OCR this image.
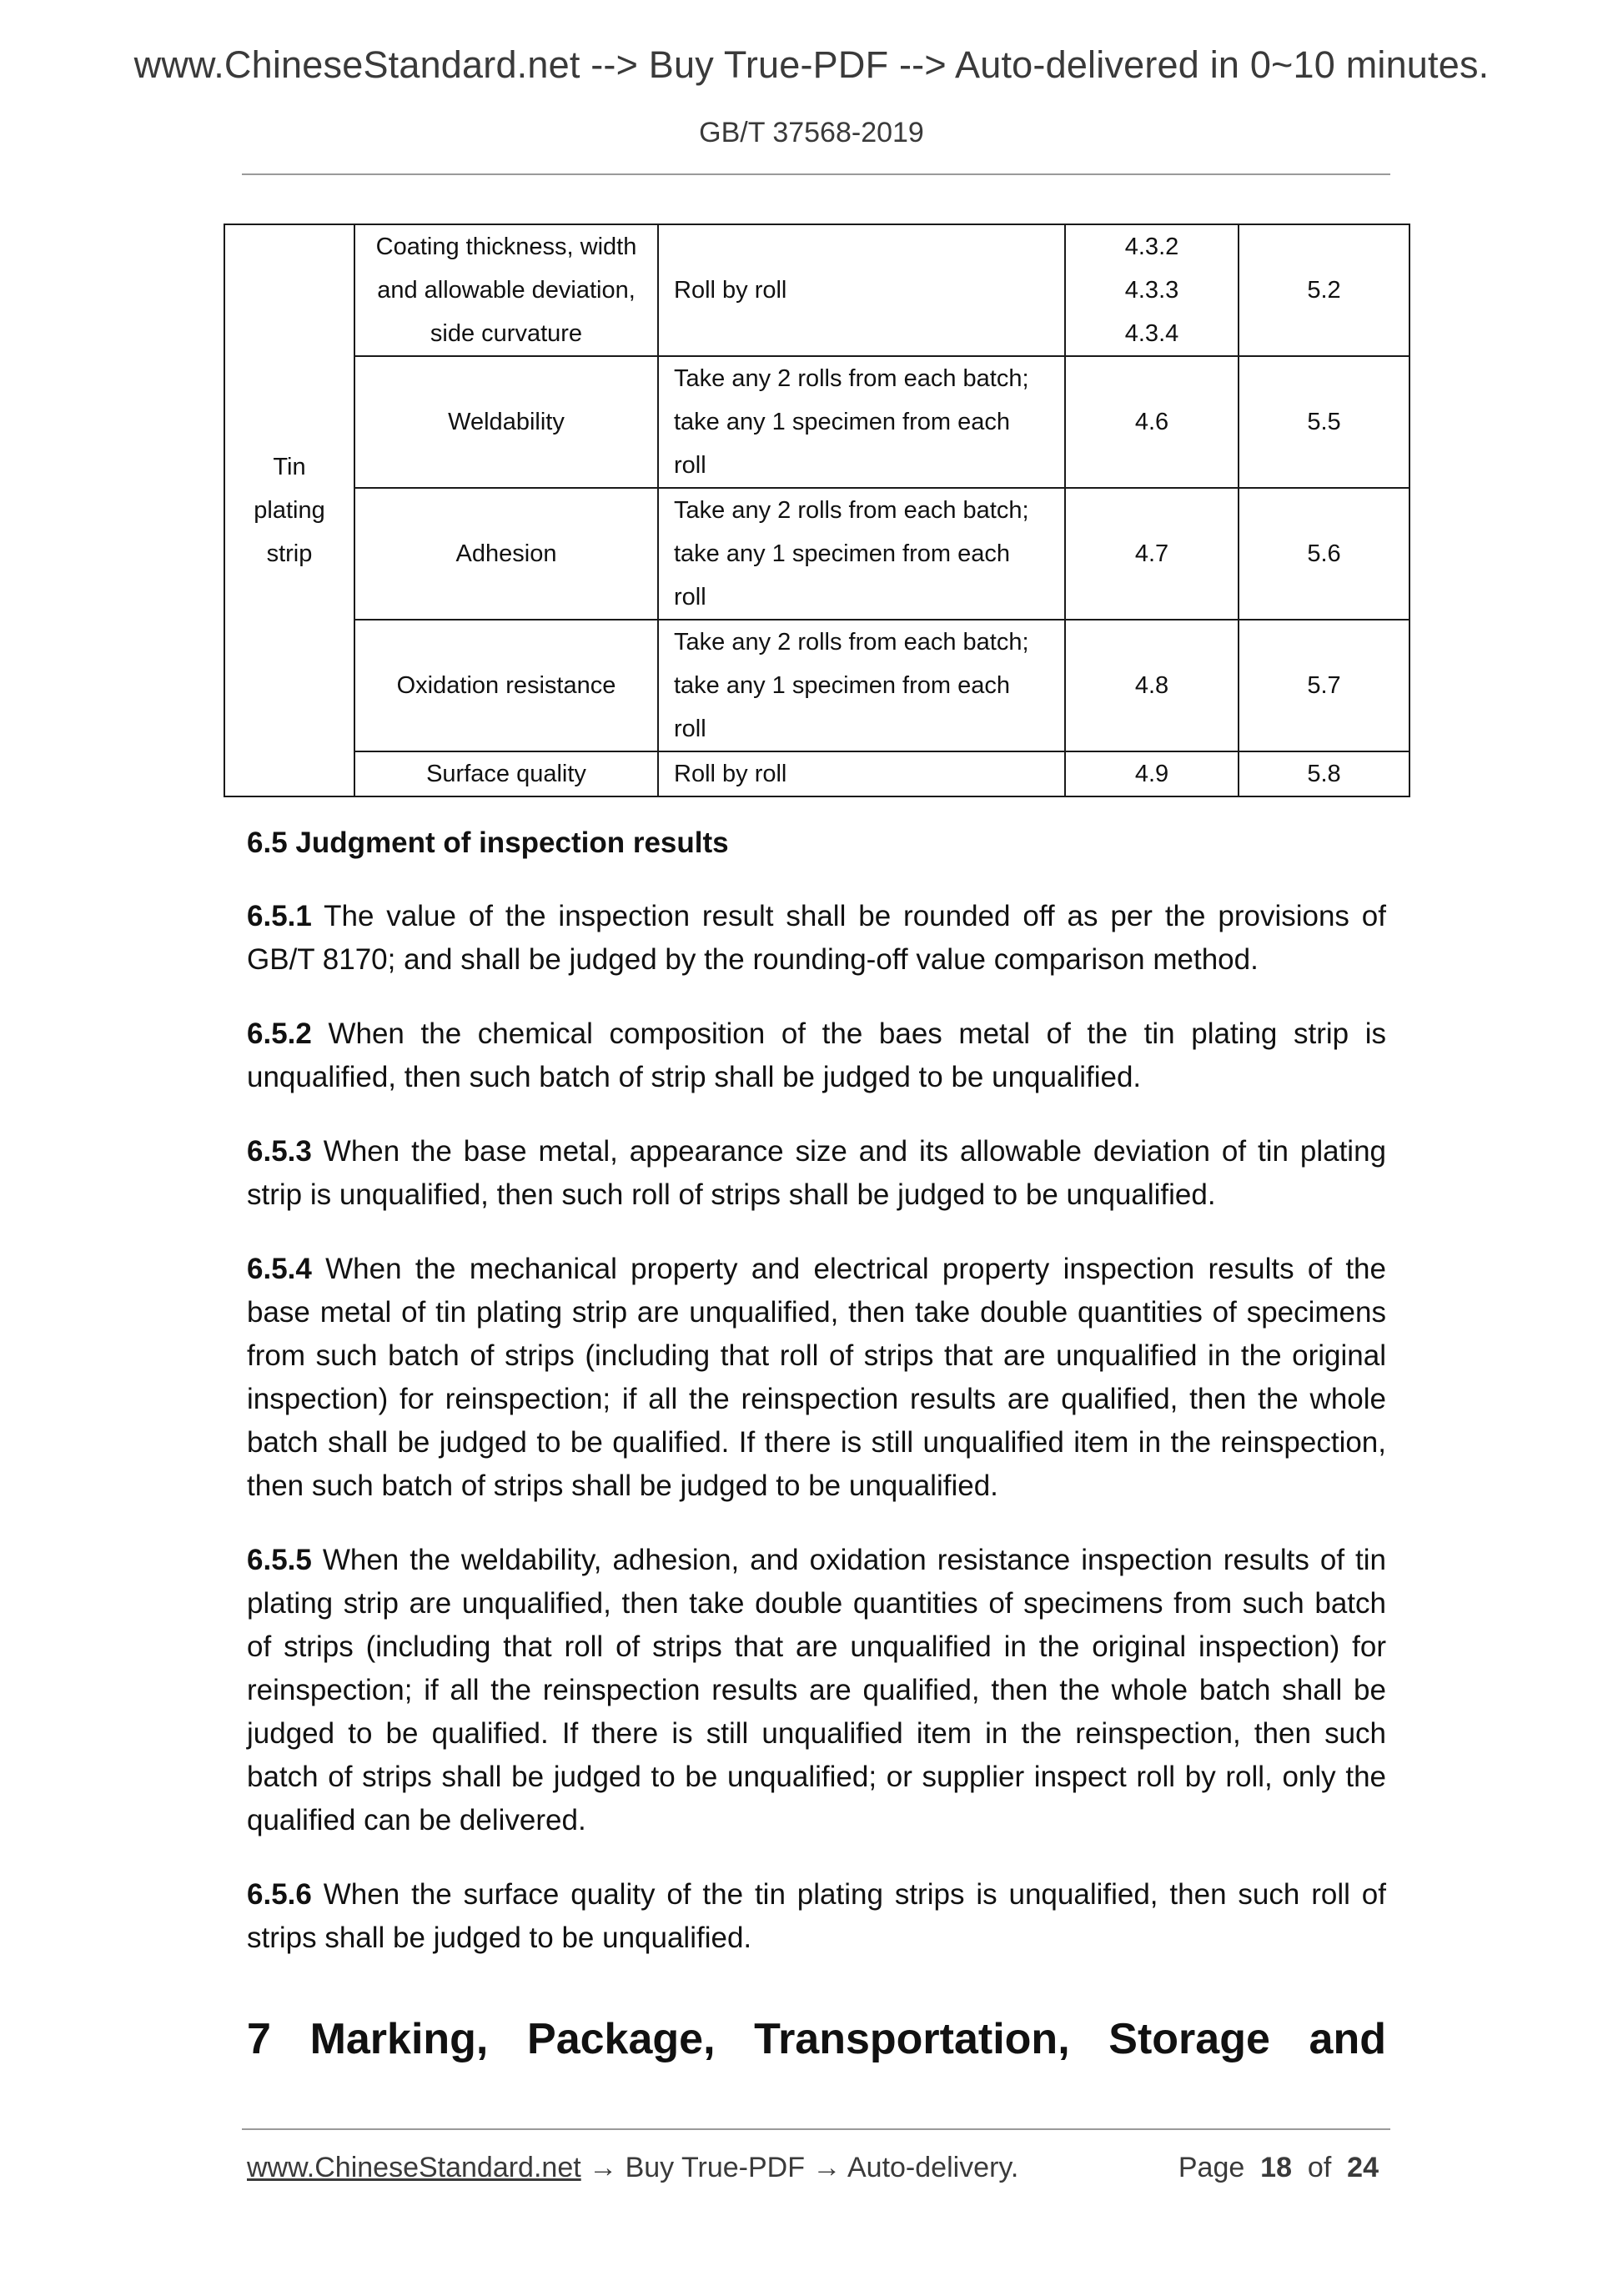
www.ChineseStandard.net --> Buy True-PDF --> Auto-delivered in 0~10 minutes.
GB/T 37568-2019
Tin
plating
strip	Coating thickness, width
and allowable deviation,
side curvature	Roll by roll	4.3.2
4.3.3
4.3.4	5.2
	Weldability	Take any 2 rolls from each batch;
take any 1 specimen from each
roll	4.6	5.5
	Adhesion	Take any 2 rolls from each batch;
take any 1 specimen from each
roll	4.7	5.6
	Oxidation resistance	Take any 2 rolls from each batch;
take any 1 specimen from each
roll	4.8	5.7
	Surface quality	Roll by roll	4.9	5.8
6.5 Judgment of inspection results

6.5.1 The value of the inspection result shall be rounded off as per the provisions of GB/T 8170; and shall be judged by the rounding-off value comparison method.

6.5.2 When the chemical composition of the baes metal of the tin plating strip is unqualified, then such batch of strip shall be judged to be unqualified.

6.5.3 When the base metal, appearance size and its allowable deviation of tin plating strip is unqualified, then such roll of strips shall be judged to be unqualified.

6.5.4 When the mechanical property and electrical property inspection results of the base metal of tin plating strip are unqualified, then take double quantities of specimens from such batch of strips (including that roll of strips that are unqualified in the original inspection) for reinspection; if all the reinspection results are qualified, then the whole batch shall be judged to be qualified. If there is still unqualified item in the reinspection, then such batch of strips shall be judged to be unqualified.

6.5.5 When the weldability, adhesion, and oxidation resistance inspection results of tin plating strip are unqualified, then take double quantities of specimens from such batch of strips (including that roll of strips that are unqualified in the original inspection) for reinspection; if all the reinspection results are qualified, then the whole batch shall be judged to be qualified. If there is still unqualified item in the reinspection, then such batch of strips shall be judged to be unqualified; or supplier inspect roll by roll, only the qualified can be delivered.

6.5.6 When the surface quality of the tin plating strips is unqualified, then such roll of strips shall be judged to be unqualified.

7 Marking, Package, Transportation, Storage and
www.ChineseStandard.net → Buy True-PDF → Auto-delivery.	Page 18 of 24
